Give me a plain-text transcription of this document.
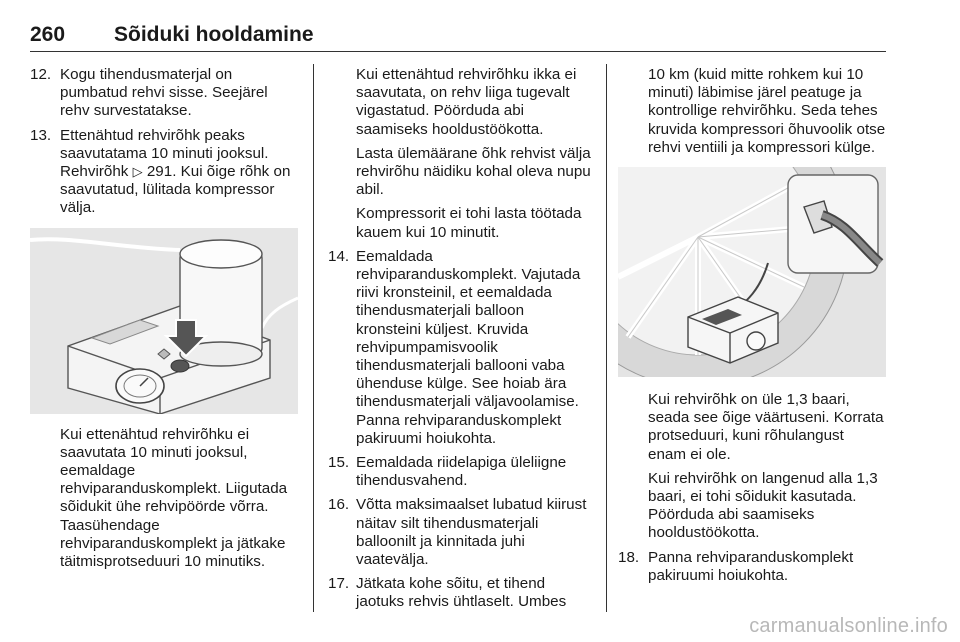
260	Sõiduki hooldamine
12. Kogu tihendusmaterjal on pumbatud rehvi sisse. Seejärel rehv survestatakse.
13. Ettenähtud rehvirõhk peaks saavutatama 10 minuti jooksul. Rehvirõhk ▷ 291. Kui õige rõhk on saavutatud, lülitada kompressor välja.
Kui ettenähtud rehvirõhku ei saavutata 10 minuti jooksul, eemaldage rehviparanduskomplekt. Liigutada sõidukit ühe rehvipöörde võrra. Taasühendage rehviparanduskomplekt ja jätkake täitmisprotseduuri 10 minutiks.
Kui ettenähtud rehvirõhku ikka ei saavutata, on rehv liiga tugevalt vigastatud. Pöörduda abi saamiseks hooldustöökotta.
Lasta ülemäärane õhk rehvist välja rehvirõhu näidiku kohal oleva nupu abil.
Kompressorit ei tohi lasta töötada kauem kui 10 minutit.
14. Eemaldada rehviparanduskomplekt. Vajutada riivi kronsteinil, et eemaldada tihendusmaterjali balloon kronsteini küljest. Kruvida rehvipumpamisvoolik tihendusmaterjali ballooni vaba ühenduse külge. See hoiab ära tihendusmaterjali väljavoolamise. Panna rehviparanduskomplekt pakiruumi hoiukohta.
15. Eemaldada riidelapiga üleliigne tihendusvahend.
16. Võtta maksimaalset lubatud kiirust näitav silt tihendusmaterjali balloonilt ja kinnitada juhi vaatevälja.
17. Jätkata kohe sõitu, et tihend jaotuks rehvis ühtlaselt. Umbes
10 km (kuid mitte rohkem kui 10 minuti) läbimise järel peatuge ja kontrollige rehvirõhku. Seda tehes kruvida kompressori õhuvoolik otse rehvi ventiili ja kompressori külge.
Kui rehvirõhk on üle 1,3 baari, seada see õige väärtuseni. Korrata protseduuri, kuni rõhulangust enam ei ole.
Kui rehvirõhk on langenud alla 1,3 baari, ei tohi sõidukit kasutada. Pöörduda abi saamiseks hooldustöökotta.
18. Panna rehviparanduskomplekt pakiruumi hoiukohta.
carmanualsonline.info
